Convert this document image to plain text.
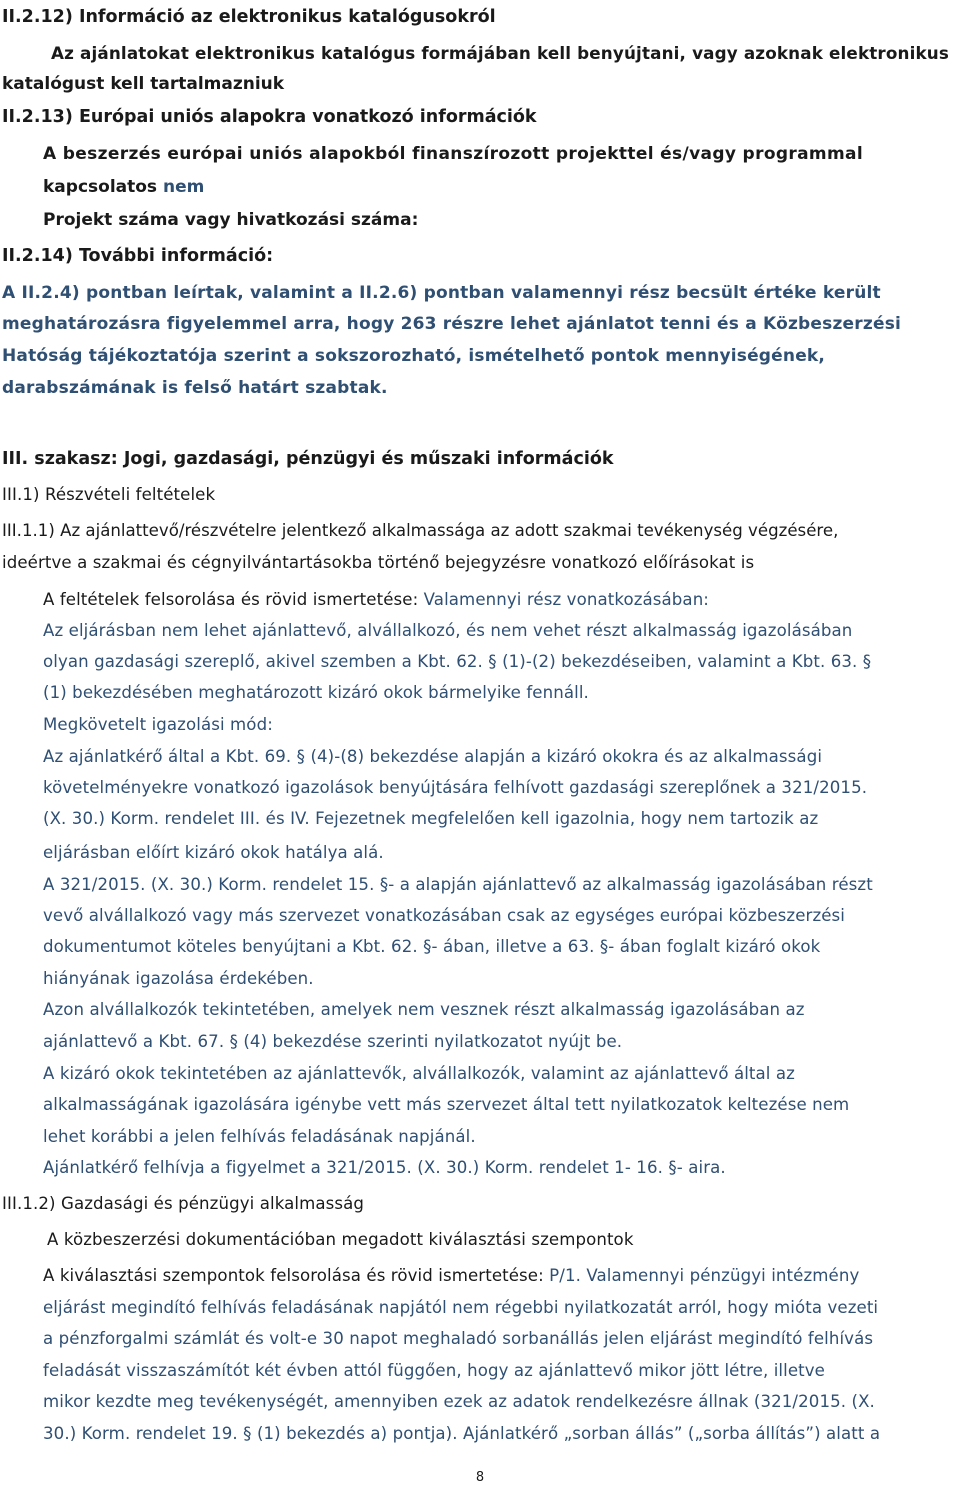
II.2.12) Információ az elektronikus katalógusokról
Az ajánlatokat elektronikus katalógus formájában kell benyújtani, vagy azoknak elektronikus
katalógust kell tartalmazniuk
II.2.13) Európai uniós alapokra vonatkozó információk
A beszerzés európai uniós alapokból finanszírozott projekttel és/vagy programmal
kapcsolatos nem
Projekt száma vagy hivatkozási száma:
II.2.14) További információ:
A II.2.4) pontban leírtak, valamint a II.2.6) pontban valamennyi rész becsült értéke került
meghatározásra figyelemmel arra, hogy 263 részre lehet ajánlatot tenni és a Közbeszerzési
Hatóság tájékoztatója szerint a sokszorozható, ismételhető pontok mennyiségének,
darabszámának is felső határt szabtak.
III. szakasz: Jogi, gazdasági, pénzügyi és műszaki információk
III.1) Részvételi feltételek
III.1.1) Az ajánlattevő/részvételre jelentkező alkalmassága az adott szakmai tevékenység végzésére,
ideértve a szakmai és cégnyilvántartásokba történő bejegyzésre vonatkozó előírásokat is
A feltételek felsorolása és rövid ismertetése: Valamennyi rész vonatkozásában:
Az eljárásban nem lehet ajánlattevő, alvállalkozó, és nem vehet részt alkalmasság igazolásában
olyan gazdasági szereplő, akivel szemben a Kbt. 62. § (1)-(2) bekezdéseiben, valamint a Kbt. 63. §
(1) bekezdésében meghatározott kizáró okok bármelyike fennáll.
Megkövetelt igazolási mód:
Az ajánlatkérő által a Kbt. 69. § (4)-(8) bekezdése alapján a kizáró okokra és az alkalmassági
követelményekre vonatkozó igazolások benyújtására felhívott gazdasági szereplőnek a 321/2015.
(X. 30.) Korm. rendelet III. és IV. Fejezetnek megfelelően kell igazolnia, hogy nem tartozik az
eljárásban előírt kizáró okok hatálya alá.
A 321/2015. (X. 30.) Korm. rendelet 15. §- a alapján ajánlattevő az alkalmasság igazolásában részt
vevő alvállalkozó vagy más szervezet vonatkozásában csak az egységes európai közbeszerzési
dokumentumot köteles benyújtani a Kbt. 62. §- ában, illetve a 63. §- ában foglalt kizáró okok
hiányának igazolása érdekében.
Azon alvállalkozók tekintetében, amelyek nem vesznek részt alkalmasság igazolásában az
ajánlattevő a Kbt. 67. § (4) bekezdése szerinti nyilatkozatot nyújt be.
A kizáró okok tekintetében az ajánlattevők, alvállalkozók, valamint az ajánlattevő által az
alkalmasságának igazolására igénybe vett más szervezet által tett nyilatkozatok keltezése nem
lehet korábbi a jelen felhívás feladásának napjánál.
Ajánlatkérő felhívja a figyelmet a 321/2015. (X. 30.) Korm. rendelet 1- 16. §- aira.
III.1.2) Gazdasági és pénzügyi alkalmasság
A közbeszerzési dokumentációban megadott kiválasztási szempontok
A kiválasztási szempontok felsorolása és rövid ismertetése: P/1. Valamennyi pénzügyi intézmény
eljárást megindító felhívás feladásának napjától nem régebbi nyilatkozatát arról, hogy mióta vezeti
a pénzforgalmi számlát és volt-e 30 napot meghaladó sorbanállás jelen eljárást megindító felhívás
feladását visszaszámítót két évben attól függően, hogy az ajánlattevő mikor jött létre, illetve
mikor kezdte meg tevékenységét, amennyiben ezek az adatok rendelkezésre állnak (321/2015. (X.
30.) Korm. rendelet 19. § (1) bekezdés a) pontja). Ajánlatkérő „sorban állás” („sorba állítás”) alatt a
8
